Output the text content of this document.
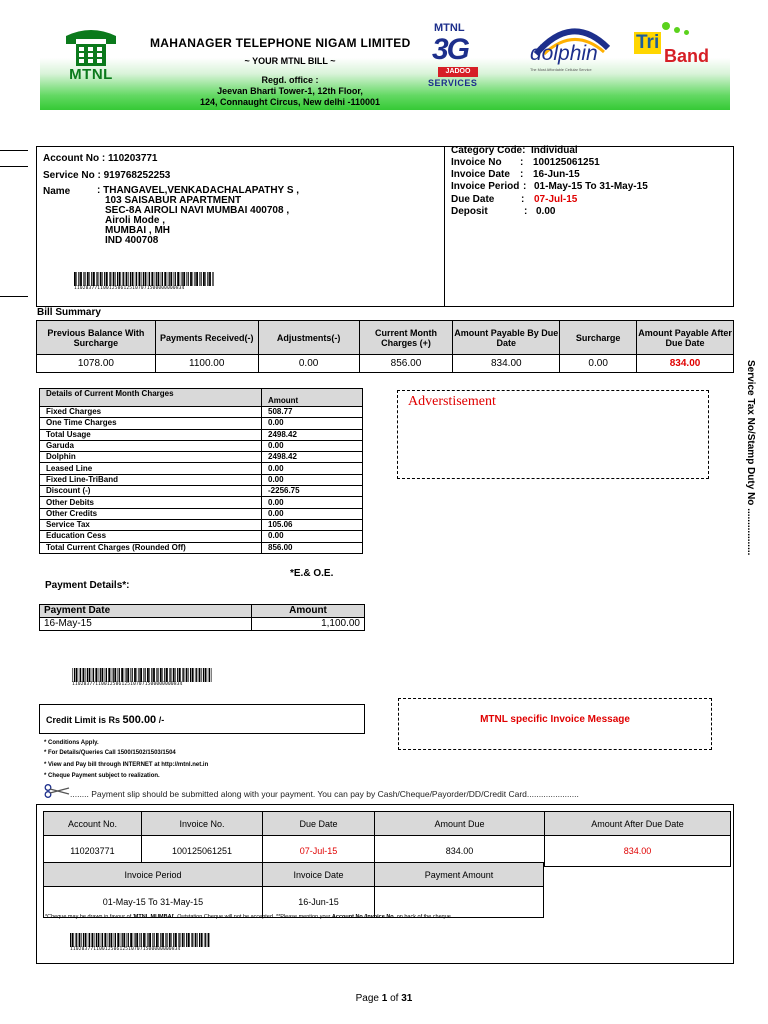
MTNL
MAHANAGER TELEPHONE NIGAM LIMITED
~ YOUR MTNL BILL ~
Regd. office :
Jeevan Bharti Tower-1, 12th Floor,
124, Connaught Circus, New delhi -110001
MTNL
3G
JADOO
SERVICES
dolphin
The Most Affordable Cellular Service
Tri
Band
Account No : 110203771
Service No : 919768252253
Name	: THANGAVEL,VENKADACHALAPATHY S ,
103 SAISABUR APARTMENT
SEC-8A AIROLI NAVI MUMBAI 400708 ,
Airoli Mode ,
MUMBAI , MH
IND 400708
11020377110012506125107071500000000834
Category Code: Individual
Invoice No : 100125061251
Invoice Date : 16-Jun-15
Invoice Period : 01-May-15 To 31-May-15
Due Date	: 07-Jul-15
Deposit	: 0.00
Bill Summary
Previous Balance With Surcharge	Payments Received(-)	Adjustments(-)	Current Month Charges (+)	Amount Payable By Due Date	Surcharge	Amount Payable After Due Date
1078.00	1100.00	0.00	856.00	834.00	0.00	834.00
Details of Current Month Charges	Amount
Fixed Charges	508.77
One Time Charges	0.00
Total Usage	2498.42
Garuda	0.00
Dolphin	2498.42
Leased Line	0.00
Fixed Line-TriBand	0.00
Discount (-)	-2256.75
Other Debits	0.00
Other Credits	0.00
Service Tax	105.06
Education Cess	0.00
Total Current Charges (Rounded Off)	856.00
Adverstisement	Service Tax No/Stamp Duty No .................
*E.& O.E.
Payment Details*:
Payment Date	Amount
16-May-15	1,100.00
11020377110012506125107071500000000834
Credit Limit is Rs 500.00 /-	MTNL specific Invoice Message
* Conditions Apply.
* For Details/Queries Call 1500/1502/1503/1504
* View and Pay bill through INTERNET at http://mtnl.net.in
* Cheque Payment subject to realization.
........ Payment slip should be submitted along with your payment. You can pay by Cash/Cheque/Payorder/DD/Credit Card......................
Account No.	Invoice No.	Due Date	Amount Due	Amount After Due Date
110203771	100125061251	07-Jul-15	834.00	834.00
Invoice Period	Invoice Date	Payment Amount
01-May-15 To 31-May-15	16-Jun-15	
*Cheque may be drawn in favour of 'MTNL MUMBAI'. Outstation Cheque will not be accepted. **Please mention your Account No./Invoice No. on back of the cheque.
11020377110012506125107071500000000834
Page 1 of 31
